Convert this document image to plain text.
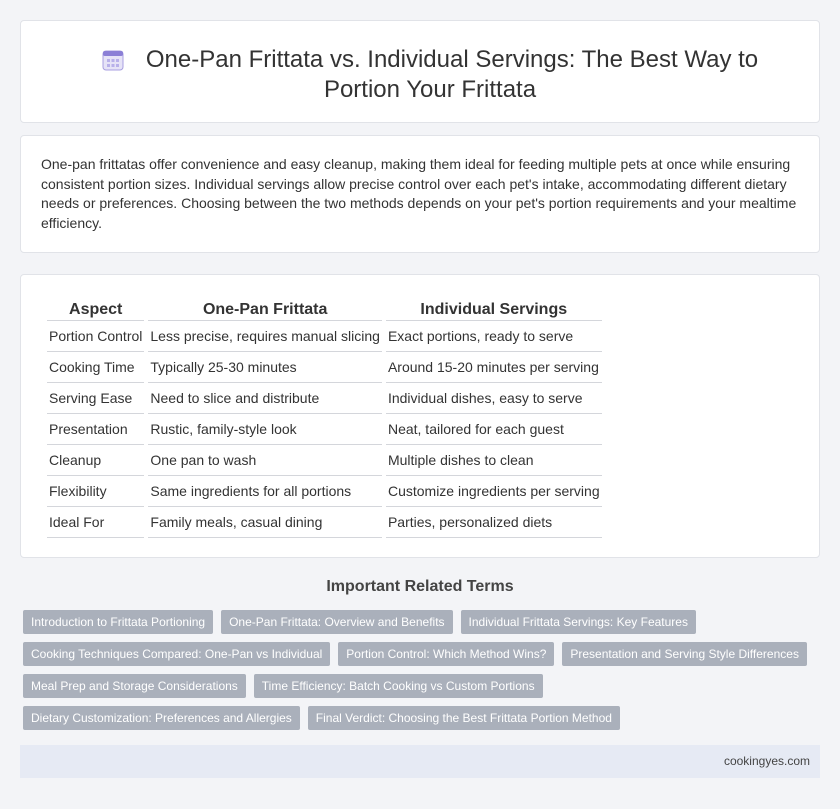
One-Pan Frittata vs. Individual Servings: The Best Way to Portion Your Frittata

One-pan frittatas offer convenience and easy cleanup, making them ideal for feeding multiple pets at once while ensuring consistent portion sizes. Individual servings allow precise control over each pet's intake, accommodating different dietary needs or preferences. Choosing between the two methods depends on your pet's portion requirements and your mealtime efficiency.

Aspect	One-Pan Frittata	Individual Servings
Portion Control	Less precise, requires manual slicing	Exact portions, ready to serve
Cooking Time	Typically 25-30 minutes	Around 15-20 minutes per serving
Serving Ease	Need to slice and distribute	Individual dishes, easy to serve
Presentation	Rustic, family-style look	Neat, tailored for each guest
Cleanup	One pan to wash	Multiple dishes to clean
Flexibility	Same ingredients for all portions	Customize ingredients per serving
Ideal For	Family meals, casual dining	Parties, personalized diets
Important Related Terms
Introduction to Frittata Portioning	One-Pan Frittata: Overview and Benefits	Individual Frittata Servings: Key Features
Cooking Techniques Compared: One-Pan vs Individual	Portion Control: Which Method Wins?	Presentation and Serving Style Differences
Meal Prep and Storage Considerations	Time Efficiency: Batch Cooking vs Custom Portions
Dietary Customization: Preferences and Allergies	Final Verdict: Choosing the Best Frittata Portion Method
cookingyes.com
